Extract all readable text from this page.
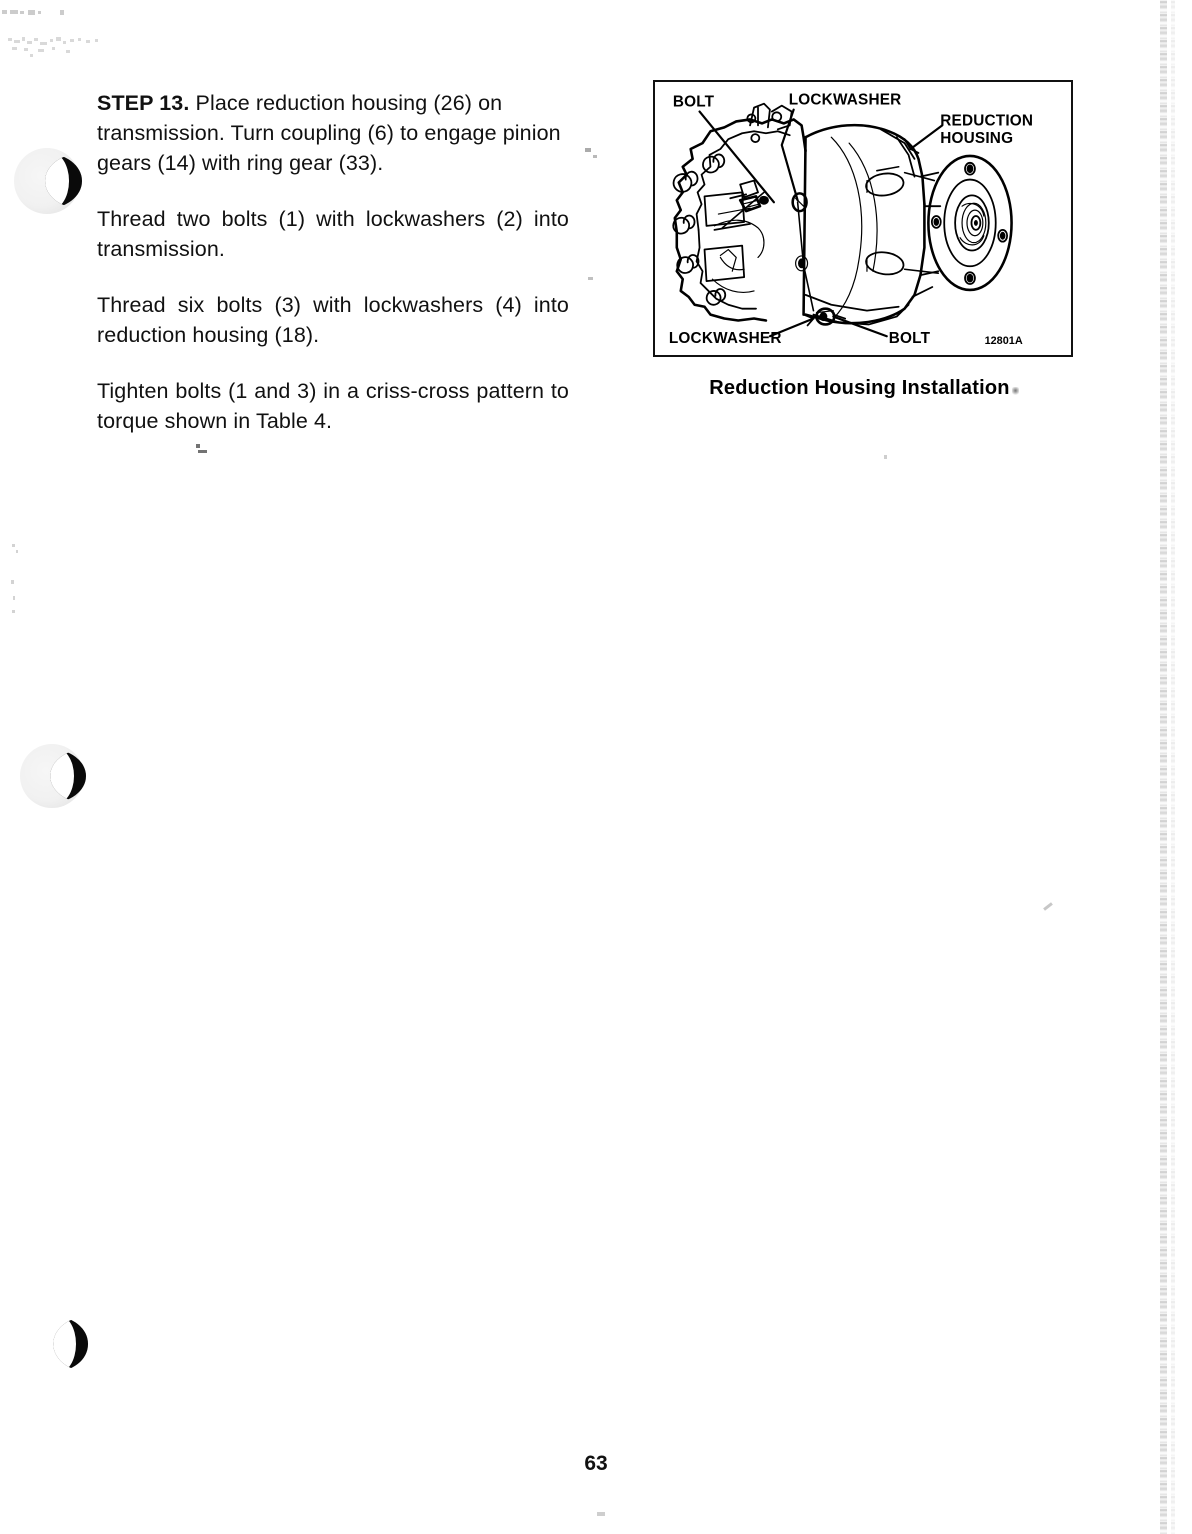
STEP 13. Place reduction housing (26) on transmission. Turn coupling (6) to engage pinion gears (14) with ring gear (33).

Thread two bolts (1) with lockwashers (2) into transmission.

Thread six bolts (3) with lockwashers (4) into reduction housing (18).

Tighten bolts (1 and 3) in a criss-cross pattern to torque shown in Table 4.

BOLT	LOCKWASHER
REDUCTION
HOUSING
LOCKWASHER	BOLT	12801A
Reduction Housing Installation
63
